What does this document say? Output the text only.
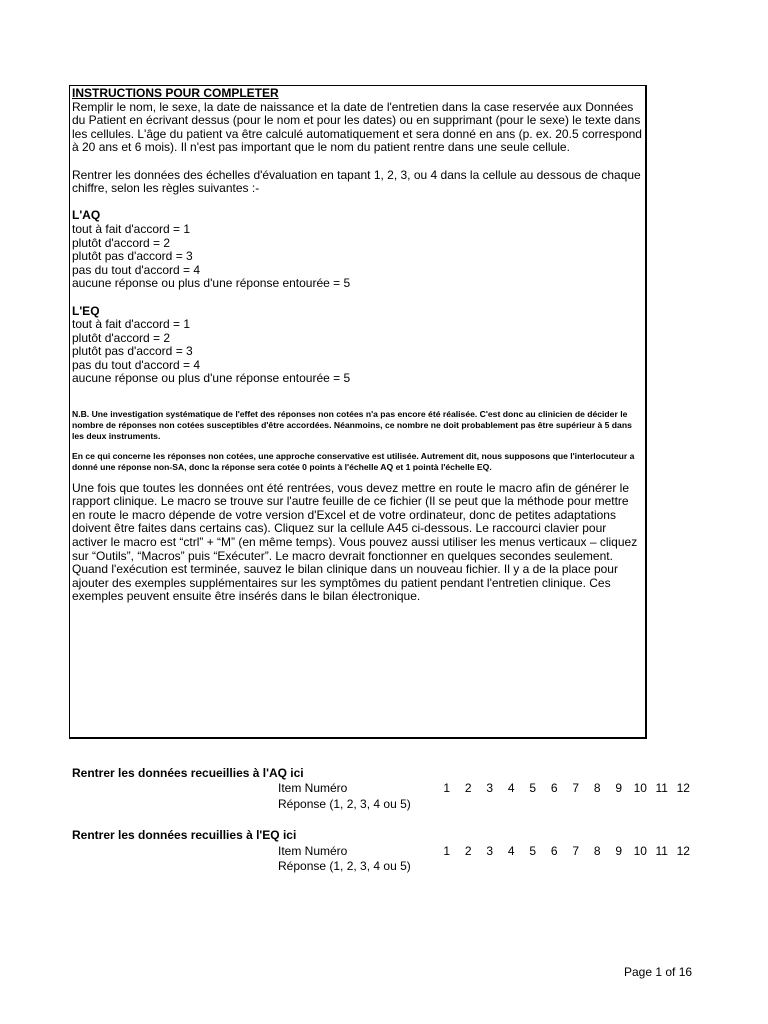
INSTRUCTIONS POUR COMPLETER
Remplir le nom, le sexe, la date de naissance et la date de l'entretien dans la case reservée aux Données du Patient en écrivant dessus (pour le nom et pour les dates) ou en supprimant (pour le sexe) le texte dans les cellules. L'âge du patient va être calculé automatiquement et sera donné en ans (p. ex. 20.5 correspond à 20 ans et 6 mois). Il n'est pas important que le nom du patient rentre dans une seule cellule.
Rentrer les données des échelles d'évaluation en tapant 1, 2, 3, ou 4 dans la cellule au dessous de chaque chiffre, selon les règles suivantes :-
L'AQ
tout à fait d'accord = 1
plutôt d'accord = 2
plutôt pas d'accord = 3
pas du tout d'accord = 4
aucune réponse ou plus d'une réponse entourée = 5
L'EQ
tout à fait d'accord = 1
plutôt d'accord = 2
plutôt pas d'accord = 3
pas du tout d'accord = 4
aucune réponse ou plus d'une réponse entourée = 5
N.B. Une investigation systématique de l'effet des réponses non cotées n'a pas encore été réalisée. C'est donc au clinicien de décider le nombre de réponses non cotées susceptibles d'être accordées. Néanmoins, ce nombre ne doit probablement pas être supérieur à 5 dans les deux instruments.
En ce qui concerne les réponses non cotées, une approche conservative est utilisée. Autrement dit, nous supposons que l'interlocuteur a donné une réponse non-SA, donc la réponse sera cotée 0 points à l'échelle AQ et 1 pointà l'échelle EQ.
Une fois que toutes les données ont été rentrées, vous devez mettre en route le macro afin de générer le rapport clinique. Le macro se trouve sur l'autre feuille de ce fichier (Il se peut que la méthode pour mettre en route le macro dépende de votre version d'Excel et de votre ordinateur, donc de petites adaptations doivent être faites dans certains cas). Cliquez sur la cellule A45 ci-dessous. Le raccourci clavier pour activer le macro est “ctrl” + “M” (en même temps). Vous pouvez aussi utiliser les menus verticaux – cliquez sur “Outils”, “Macros” puis “Exécuter”. Le macro devrait fonctionner en quelques secondes seulement. Quand l'exécution est terminée, sauvez le bilan clinique dans un nouveau fichier. Il y a de la place pour ajouter des exemples supplémentaires sur les symptômes du patient pendant l'entretien clinique. Ces exemples peuvent ensuite être insérés dans le bilan électronique.
Rentrer les données recueillies à l'AQ ici
Item Numéro	1	2	3	4	5	6	7	8	9 10 11 12
Réponse (1, 2, 3, 4 ou 5)
Rentrer les données recuillies à l'EQ ici
Item Numéro	1	2	3	4	5	6	7	8	9 10 11 12
Réponse (1, 2, 3, 4 ou 5)
Page 1 of 16
